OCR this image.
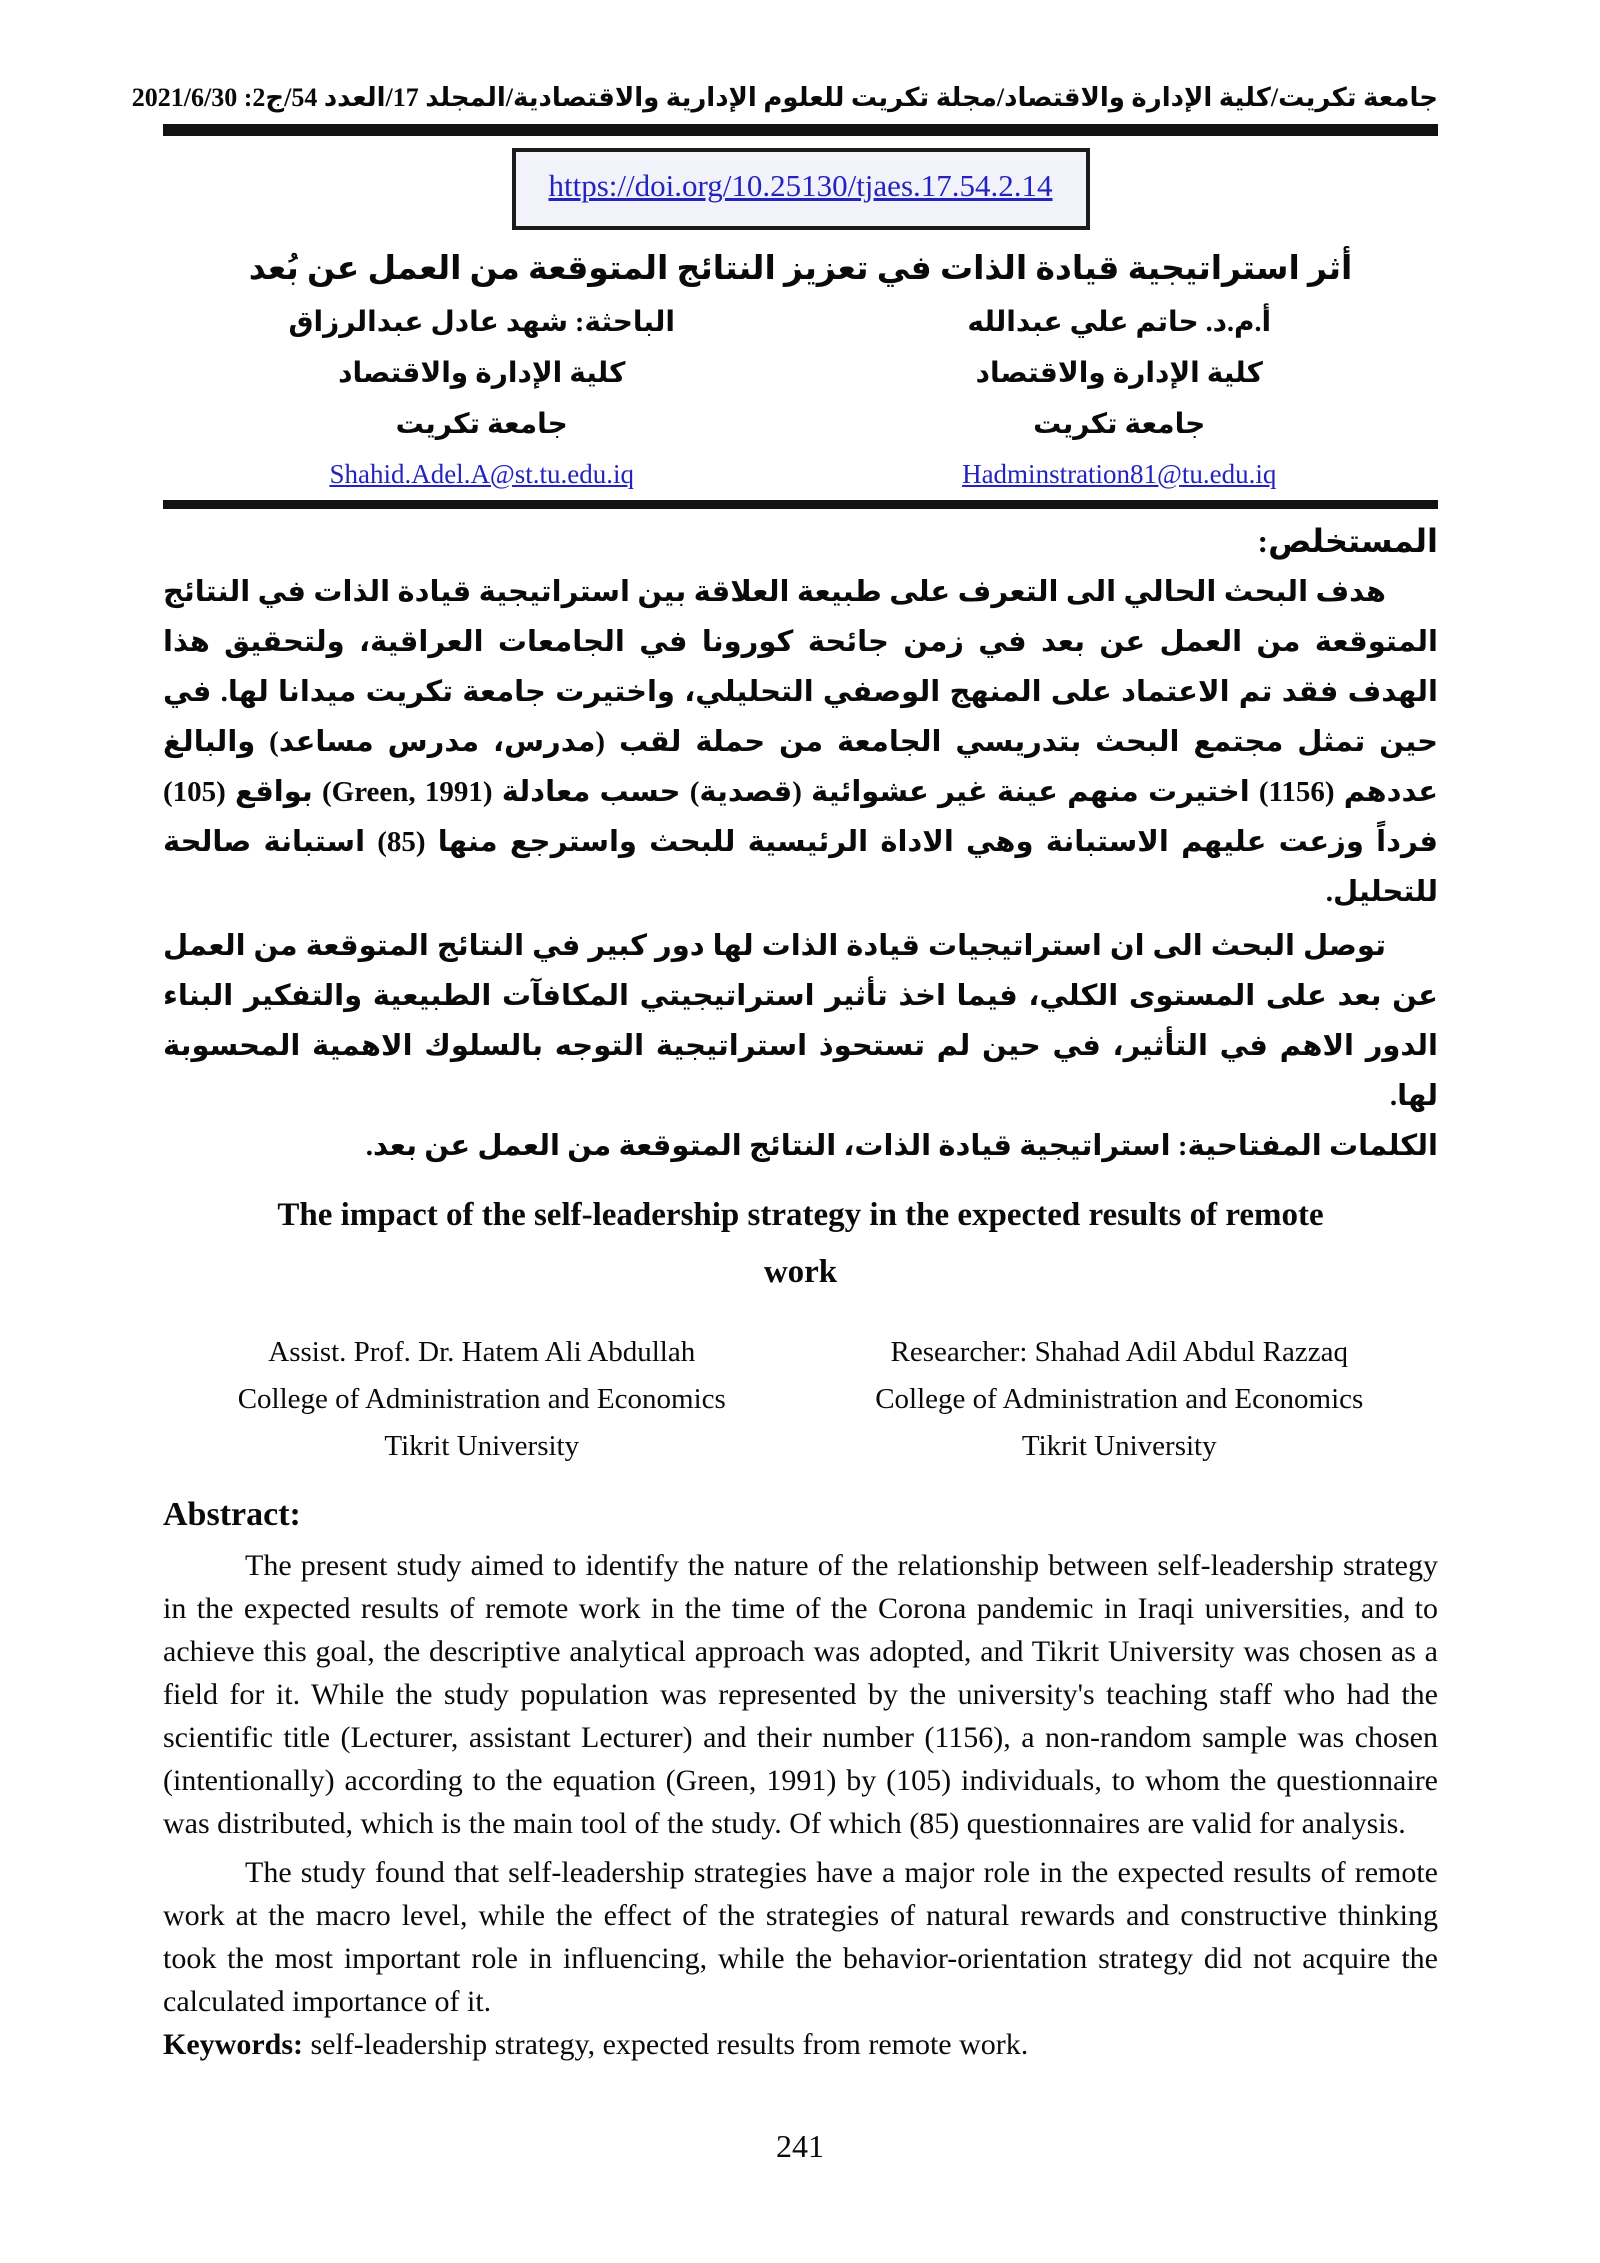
جامعة تكريت/كلية الإدارة والاقتصاد/مجلة تكريت للعلوم الإدارية والاقتصادية/المجلد 17/العدد 54/ج2: 2021/6/30
https://doi.org/10.25130/tjaes.17.54.2.14
أثر استراتيجية قيادة الذات في تعزيز النتائج المتوقعة من العمل عن بُعد
أ.م.د. حاتم علي عبدالله
كلية الإدارة والاقتصاد
جامعة تكريت
Hadminstration81@tu.edu.iq
الباحثة: شهد عادل عبدالرزاق
كلية الإدارة والاقتصاد
جامعة تكريت
Shahid.Adel.A@st.tu.edu.iq
المستخلص:

هدف البحث الحالي الى التعرف على طبيعة العلاقة بين استراتيجية قيادة الذات في النتائج المتوقعة من العمل عن بعد في زمن جائحة كورونا في الجامعات العراقية، ولتحقيق هذا الهدف فقد تم الاعتماد على المنهج الوصفي التحليلي، واختيرت جامعة تكريت ميدانا لها. في حين تمثل مجتمع البحث بتدريسي الجامعة من حملة لقب (مدرس، مدرس مساعد) والبالغ عددهم (1156) اختيرت منهم عينة غير عشوائية (قصدية) حسب معادلة (Green, 1991) بواقع (105) فرداً وزعت عليهم الاستبانة وهي الاداة الرئيسية للبحث واسترجع منها (85) استبانة صالحة للتحليل.

توصل البحث الى ان استراتيجيات قيادة الذات لها دور كبير في النتائج المتوقعة من العمل عن بعد على المستوى الكلي، فيما اخذ تأثير استراتيجيتي المكافآت الطبيعية والتفكير البناء الدور الاهم في التأثير، في حين لم تستحوذ استراتيجية التوجه بالسلوك الاهمية المحسوبة لها.

الكلمات المفتاحية: استراتيجية قيادة الذات، النتائج المتوقعة من العمل عن بعد.
The impact of the self-leadership strategy in the expected results of remote work
Assist. Prof. Dr. Hatem Ali Abdullah
College of Administration and Economics
Tikrit University
Researcher: Shahad Adil Abdul Razzaq
College of Administration and Economics
Tikrit University
Abstract:

The present study aimed to identify the nature of the relationship between self-leadership strategy in the expected results of remote work in the time of the Corona pandemic in Iraqi universities, and to achieve this goal, the descriptive analytical approach was adopted, and Tikrit University was chosen as a field for it. While the study population was represented by the university's teaching staff who had the scientific title (Lecturer, assistant Lecturer) and their number (1156), a non-random sample was chosen (intentionally) according to the equation (Green, 1991) by (105) individuals, to whom the questionnaire was distributed, which is the main tool of the study. Of which (85) questionnaires are valid for analysis.

The study found that self-leadership strategies have a major role in the expected results of remote work at the macro level, while the effect of the strategies of natural rewards and constructive thinking took the most important role in influencing, while the behavior-orientation strategy did not acquire the calculated importance of it.

Keywords: self-leadership strategy, expected results from remote work.
241
